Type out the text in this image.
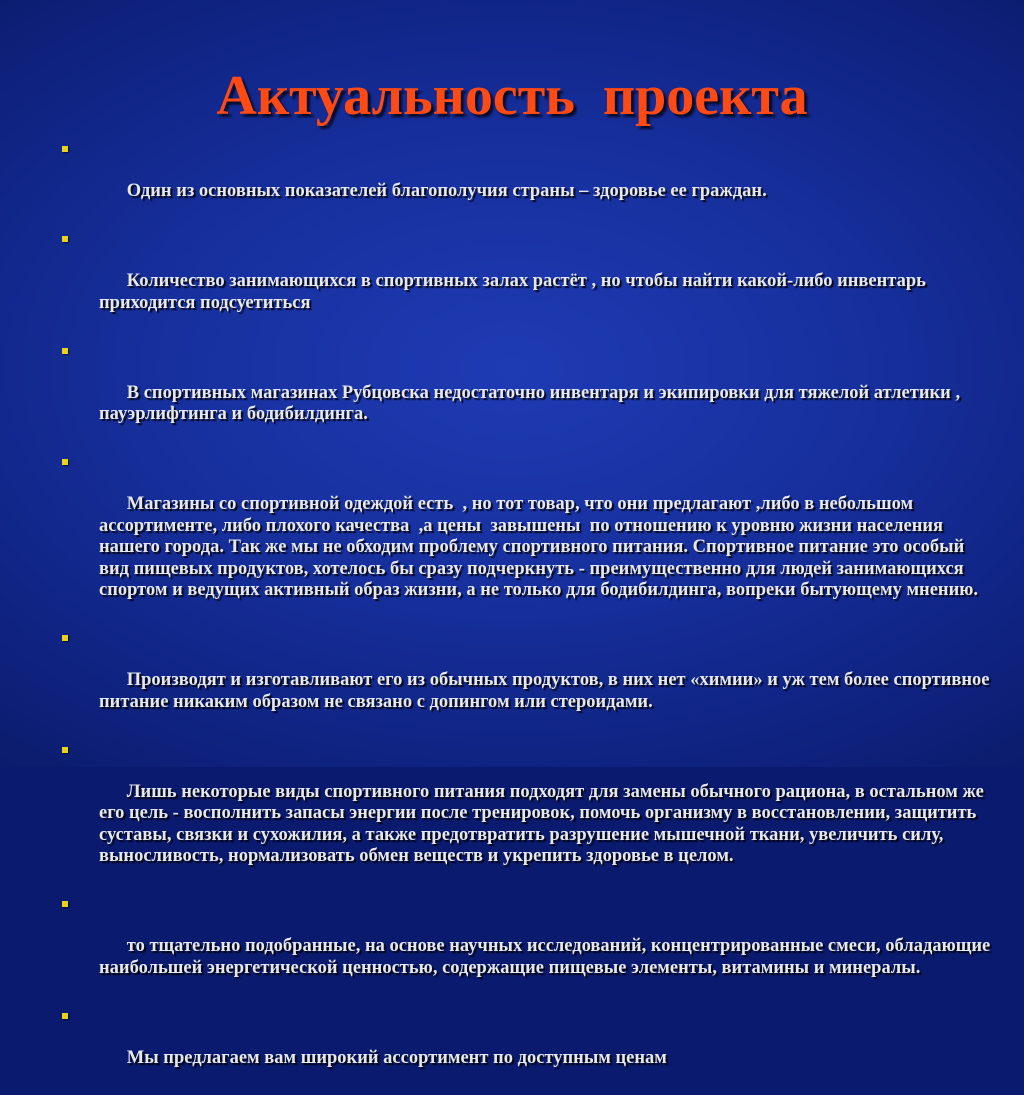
Актуальность  проекта

Один из основных показателей благополучия страны – здоровье ее граждан.

Количество занимающихся в спортивных залах растёт , но чтобы найти какой-либо инвентарь приходится подсуетиться

В спортивных магазинах Рубцовска недостаточно инвентаря и экипировки для тяжелой атлетики , пауэрлифтинга и бодибилдинга.

Магазины со спортивной одеждой есть  , но тот товар, что они предлагают ,либо в небольшом ассортименте, либо плохого качества  ,а цены  завышены  по отношению к уровню жизни населения нашего города. Так же мы не обходим проблему спортивного питания. Спортивное питание это особый вид пищевых продуктов, хотелось бы сразу подчеркнуть - преимущественно для людей занимающихся спортом и ведущих активный образ жизни, а не только для бодибилдинга, вопреки бытующему мнению.

Производят и изготавливают его из обычных продуктов, в них нет «химии» и уж тем более спортивное питание никаким образом не связано с допингом или стероидами.

Лишь некоторые виды спортивного питания подходят для замены обычного рациона, в остальном же его цель - восполнить запасы энергии после тренировок, помочь организму в восстановлении, защитить суставы, связки и сухожилия, а также предотвратить разрушение мышечной ткани, увеличить силу, выносливость, нормализовать обмен веществ и укрепить здоровье в целом.

то тщательно подобранные, на основе научных исследований, концентрированные смеси, обладающие наибольшей энергетической ценностью, содержащие пищевые элементы, витамины и минералы.

Мы предлагаем вам широкий ассортимент по доступным ценам
